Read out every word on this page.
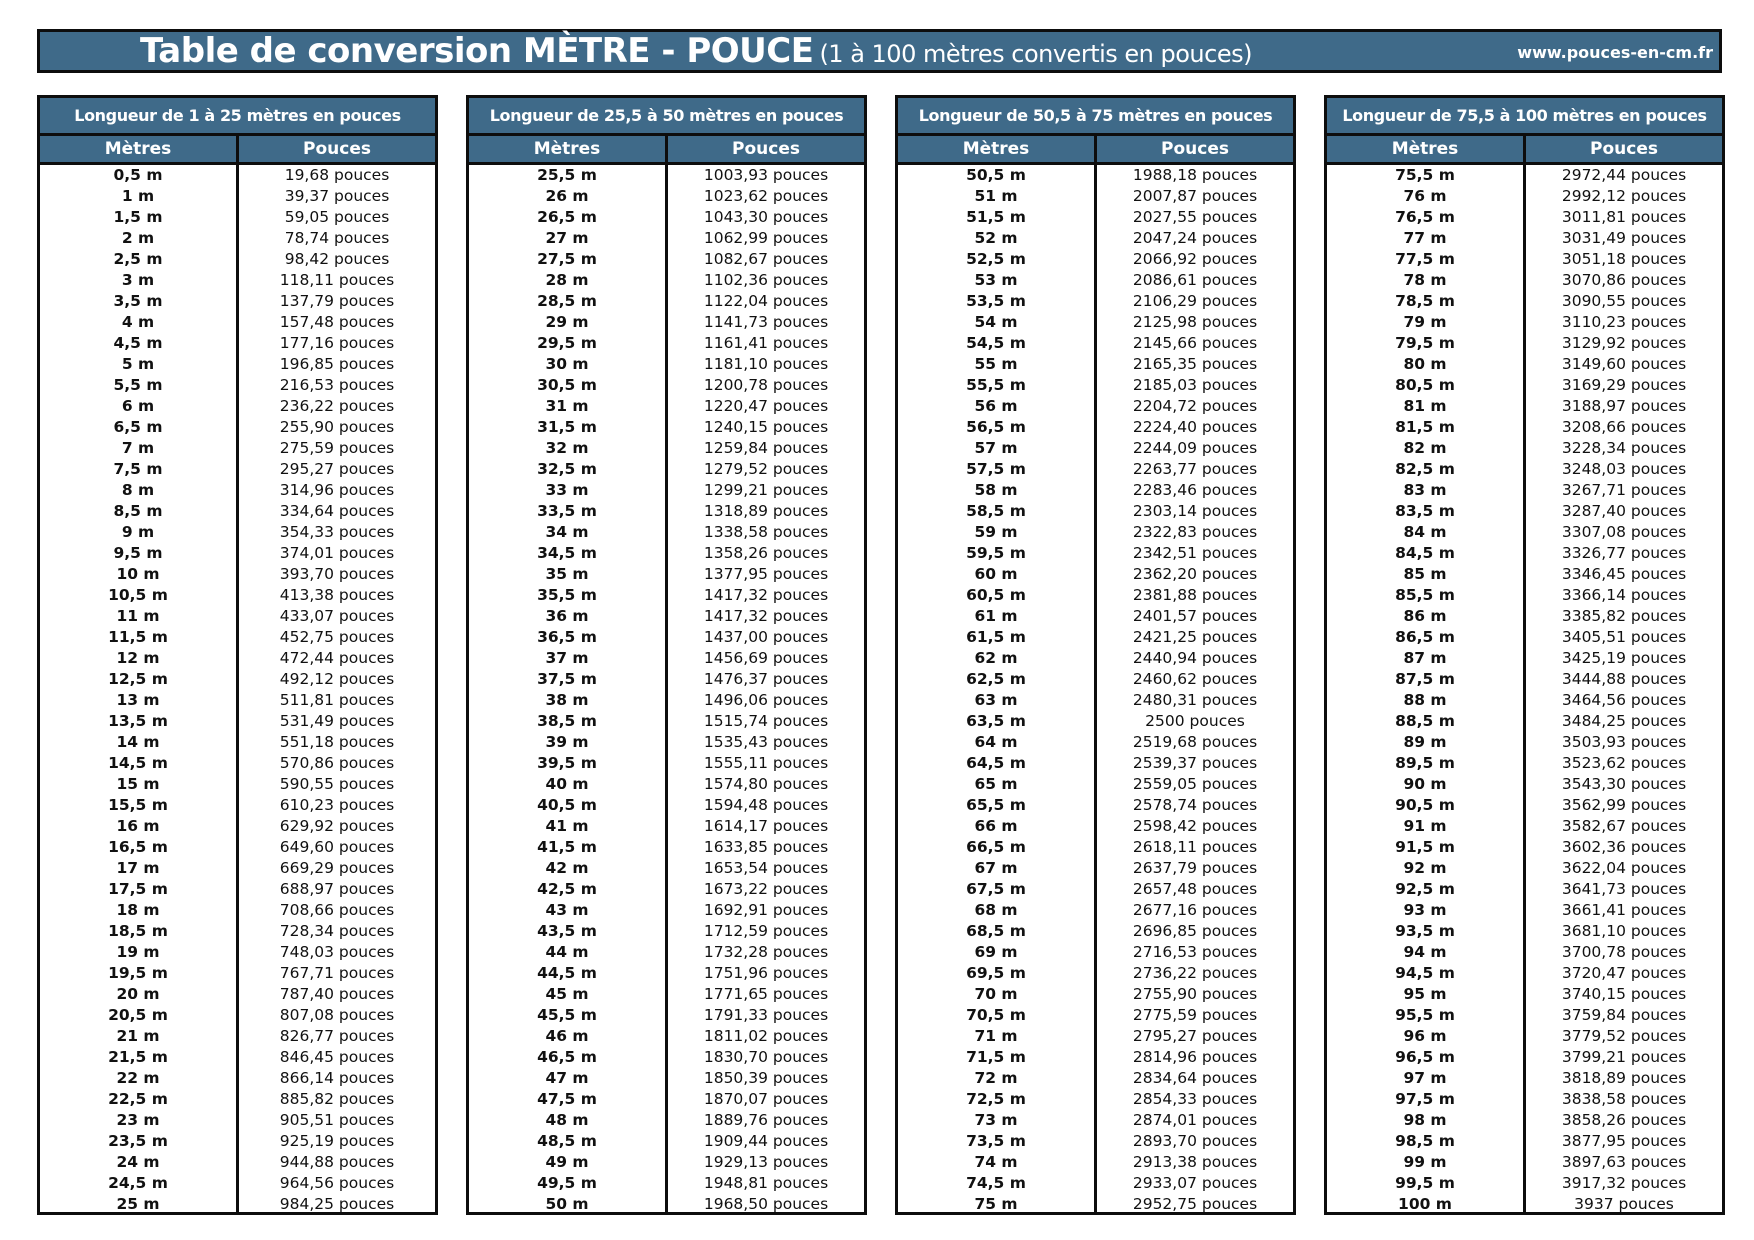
Table de conversion MÈTRE - POUCE (1 à 100 mètres convertis en pouces)	www.pouces-en-cm.fr
Longueur de 1 à 25 mètres en pouces
Mètres	Pouces
0,5 m	19,68 pouces
1 m	39,37 pouces
1,5 m	59,05 pouces
2 m	78,74 pouces
2,5 m	98,42 pouces
3 m	118,11 pouces
3,5 m	137,79 pouces
4 m	157,48 pouces
4,5 m	177,16 pouces
5 m	196,85 pouces
5,5 m	216,53 pouces
6 m	236,22 pouces
6,5 m	255,90 pouces
7 m	275,59 pouces
7,5 m	295,27 pouces
8 m	314,96 pouces
8,5 m	334,64 pouces
9 m	354,33 pouces
9,5 m	374,01 pouces
10 m	393,70 pouces
10,5 m	413,38 pouces
11 m	433,07 pouces
11,5 m	452,75 pouces
12 m	472,44 pouces
12,5 m	492,12 pouces
13 m	511,81 pouces
13,5 m	531,49 pouces
14 m	551,18 pouces
14,5 m	570,86 pouces
15 m	590,55 pouces
15,5 m	610,23 pouces
16 m	629,92 pouces
16,5 m	649,60 pouces
17 m	669,29 pouces
17,5 m	688,97 pouces
18 m	708,66 pouces
18,5 m	728,34 pouces
19 m	748,03 pouces
19,5 m	767,71 pouces
20 m	787,40 pouces
20,5 m	807,08 pouces
21 m	826,77 pouces
21,5 m	846,45 pouces
22 m	866,14 pouces
22,5 m	885,82 pouces
23 m	905,51 pouces
23,5 m	925,19 pouces
24 m	944,88 pouces
24,5 m	964,56 pouces
25 m	984,25 pouces
Longueur de 25,5 à 50 mètres en pouces
Mètres	Pouces
25,5 m	1003,93 pouces
26 m	1023,62 pouces
26,5 m	1043,30 pouces
27 m	1062,99 pouces
27,5 m	1082,67 pouces
28 m	1102,36 pouces
28,5 m	1122,04 pouces
29 m	1141,73 pouces
29,5 m	1161,41 pouces
30 m	1181,10 pouces
30,5 m	1200,78 pouces
31 m	1220,47 pouces
31,5 m	1240,15 pouces
32 m	1259,84 pouces
32,5 m	1279,52 pouces
33 m	1299,21 pouces
33,5 m	1318,89 pouces
34 m	1338,58 pouces
34,5 m	1358,26 pouces
35 m	1377,95 pouces
35,5 m	1417,32 pouces
36 m	1417,32 pouces
36,5 m	1437,00 pouces
37 m	1456,69 pouces
37,5 m	1476,37 pouces
38 m	1496,06 pouces
38,5 m	1515,74 pouces
39 m	1535,43 pouces
39,5 m	1555,11 pouces
40 m	1574,80 pouces
40,5 m	1594,48 pouces
41 m	1614,17 pouces
41,5 m	1633,85 pouces
42 m	1653,54 pouces
42,5 m	1673,22 pouces
43 m	1692,91 pouces
43,5 m	1712,59 pouces
44 m	1732,28 pouces
44,5 m	1751,96 pouces
45 m	1771,65 pouces
45,5 m	1791,33 pouces
46 m	1811,02 pouces
46,5 m	1830,70 pouces
47 m	1850,39 pouces
47,5 m	1870,07 pouces
48 m	1889,76 pouces
48,5 m	1909,44 pouces
49 m	1929,13 pouces
49,5 m	1948,81 pouces
50 m	1968,50 pouces
Longueur de 50,5 à 75 mètres en pouces
Mètres	Pouces
50,5 m	1988,18 pouces
51 m	2007,87 pouces
51,5 m	2027,55 pouces
52 m	2047,24 pouces
52,5 m	2066,92 pouces
53 m	2086,61 pouces
53,5 m	2106,29 pouces
54 m	2125,98 pouces
54,5 m	2145,66 pouces
55 m	2165,35 pouces
55,5 m	2185,03 pouces
56 m	2204,72 pouces
56,5 m	2224,40 pouces
57 m	2244,09 pouces
57,5 m	2263,77 pouces
58 m	2283,46 pouces
58,5 m	2303,14 pouces
59 m	2322,83 pouces
59,5 m	2342,51 pouces
60 m	2362,20 pouces
60,5 m	2381,88 pouces
61 m	2401,57 pouces
61,5 m	2421,25 pouces
62 m	2440,94 pouces
62,5 m	2460,62 pouces
63 m	2480,31 pouces
63,5 m	2500 pouces
64 m	2519,68 pouces
64,5 m	2539,37 pouces
65 m	2559,05 pouces
65,5 m	2578,74 pouces
66 m	2598,42 pouces
66,5 m	2618,11 pouces
67 m	2637,79 pouces
67,5 m	2657,48 pouces
68 m	2677,16 pouces
68,5 m	2696,85 pouces
69 m	2716,53 pouces
69,5 m	2736,22 pouces
70 m	2755,90 pouces
70,5 m	2775,59 pouces
71 m	2795,27 pouces
71,5 m	2814,96 pouces
72 m	2834,64 pouces
72,5 m	2854,33 pouces
73 m	2874,01 pouces
73,5 m	2893,70 pouces
74 m	2913,38 pouces
74,5 m	2933,07 pouces
75 m	2952,75 pouces
Longueur de 75,5 à 100 mètres en pouces
Mètres	Pouces
75,5 m	2972,44 pouces
76 m	2992,12 pouces
76,5 m	3011,81 pouces
77 m	3031,49 pouces
77,5 m	3051,18 pouces
78 m	3070,86 pouces
78,5 m	3090,55 pouces
79 m	3110,23 pouces
79,5 m	3129,92 pouces
80 m	3149,60 pouces
80,5 m	3169,29 pouces
81 m	3188,97 pouces
81,5 m	3208,66 pouces
82 m	3228,34 pouces
82,5 m	3248,03 pouces
83 m	3267,71 pouces
83,5 m	3287,40 pouces
84 m	3307,08 pouces
84,5 m	3326,77 pouces
85 m	3346,45 pouces
85,5 m	3366,14 pouces
86 m	3385,82 pouces
86,5 m	3405,51 pouces
87 m	3425,19 pouces
87,5 m	3444,88 pouces
88 m	3464,56 pouces
88,5 m	3484,25 pouces
89 m	3503,93 pouces
89,5 m	3523,62 pouces
90 m	3543,30 pouces
90,5 m	3562,99 pouces
91 m	3582,67 pouces
91,5 m	3602,36 pouces
92 m	3622,04 pouces
92,5 m	3641,73 pouces
93 m	3661,41 pouces
93,5 m	3681,10 pouces
94 m	3700,78 pouces
94,5 m	3720,47 pouces
95 m	3740,15 pouces
95,5 m	3759,84 pouces
96 m	3779,52 pouces
96,5 m	3799,21 pouces
97 m	3818,89 pouces
97,5 m	3838,58 pouces
98 m	3858,26 pouces
98,5 m	3877,95 pouces
99 m	3897,63 pouces
99,5 m	3917,32 pouces
100 m	3937 pouces
